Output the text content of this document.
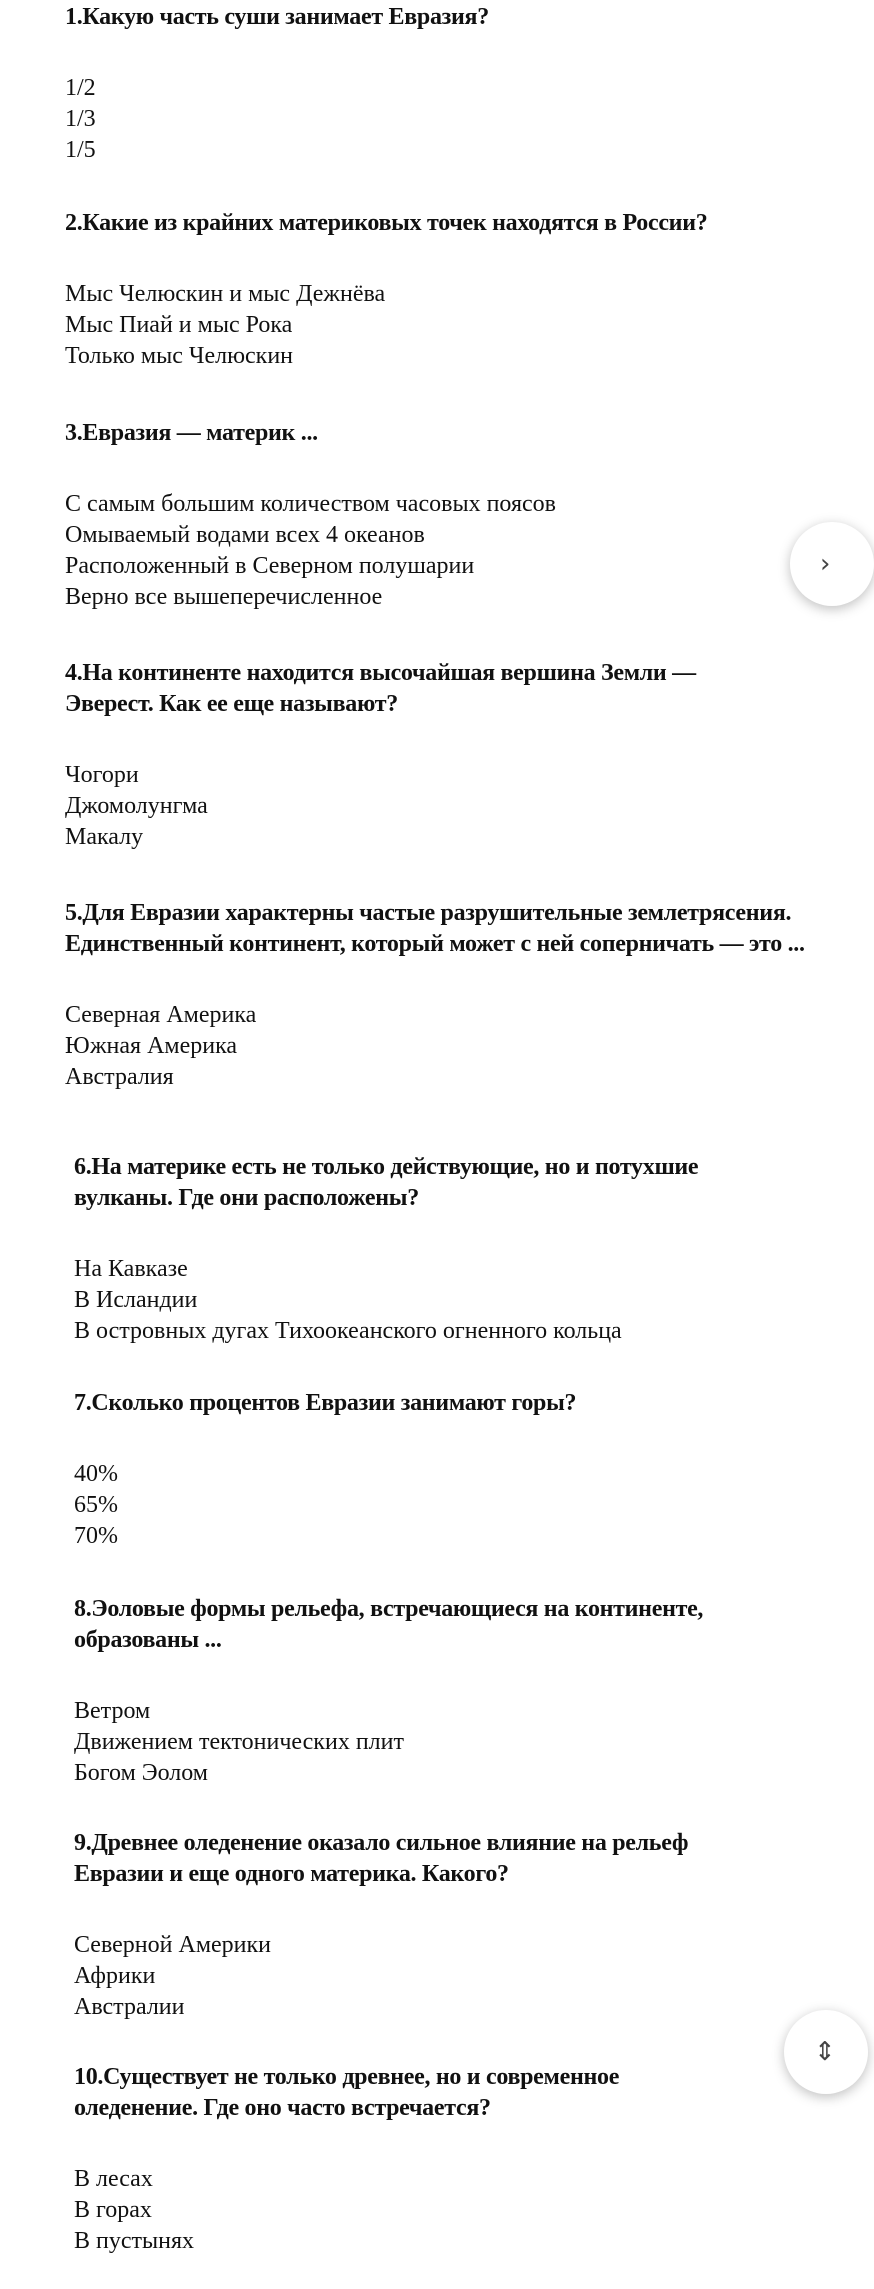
1.Какую часть суши занимает Евразия?

1/2
1/3
1/5

2.Какие из крайних материковых точек находятся в России?

Мыс Челюскин и мыс Дежнёва
Мыс Пиай и мыс Рока
Только мыс Челюскин

3.Евразия — материк ...

С самым большим количеством часовых поясов
Омываемый водами всех 4 океанов
Расположенный в Северном полушарии
Верно все вышеперечисленное

4.На континенте находится высочайшая вершина Земли — Эверест. Как ее еще называют?

Чогори
Джомолунгма
Макалу

5.Для Евразии характерны частые разрушительные землетрясения. Единственный континент, который может с ней соперничать — это ...

Северная Америка
Южная Америка
Австралия

6.На материке есть не только действующие, но и потухшие вулканы. Где они расположены?

На Кавказе
В Исландии
В островных дугах Тихоокеанского огненного кольца

7.Сколько процентов Евразии занимают горы?

40%
65%
70%

8.Эоловые формы рельефа, встречающиеся на континенте, образованы ...

Ветром
Движением тектонических плит
Богом Эолом

9.Древнее оледенение оказало сильное влияние на рельеф Евразии и еще одного материка. Какого?

Северной Америки
Африки
Австралии

10.Существует не только древнее, но и современное оледенение. Где оно часто встречается?

В лесах
В горах
В пустынях
›
⇕
